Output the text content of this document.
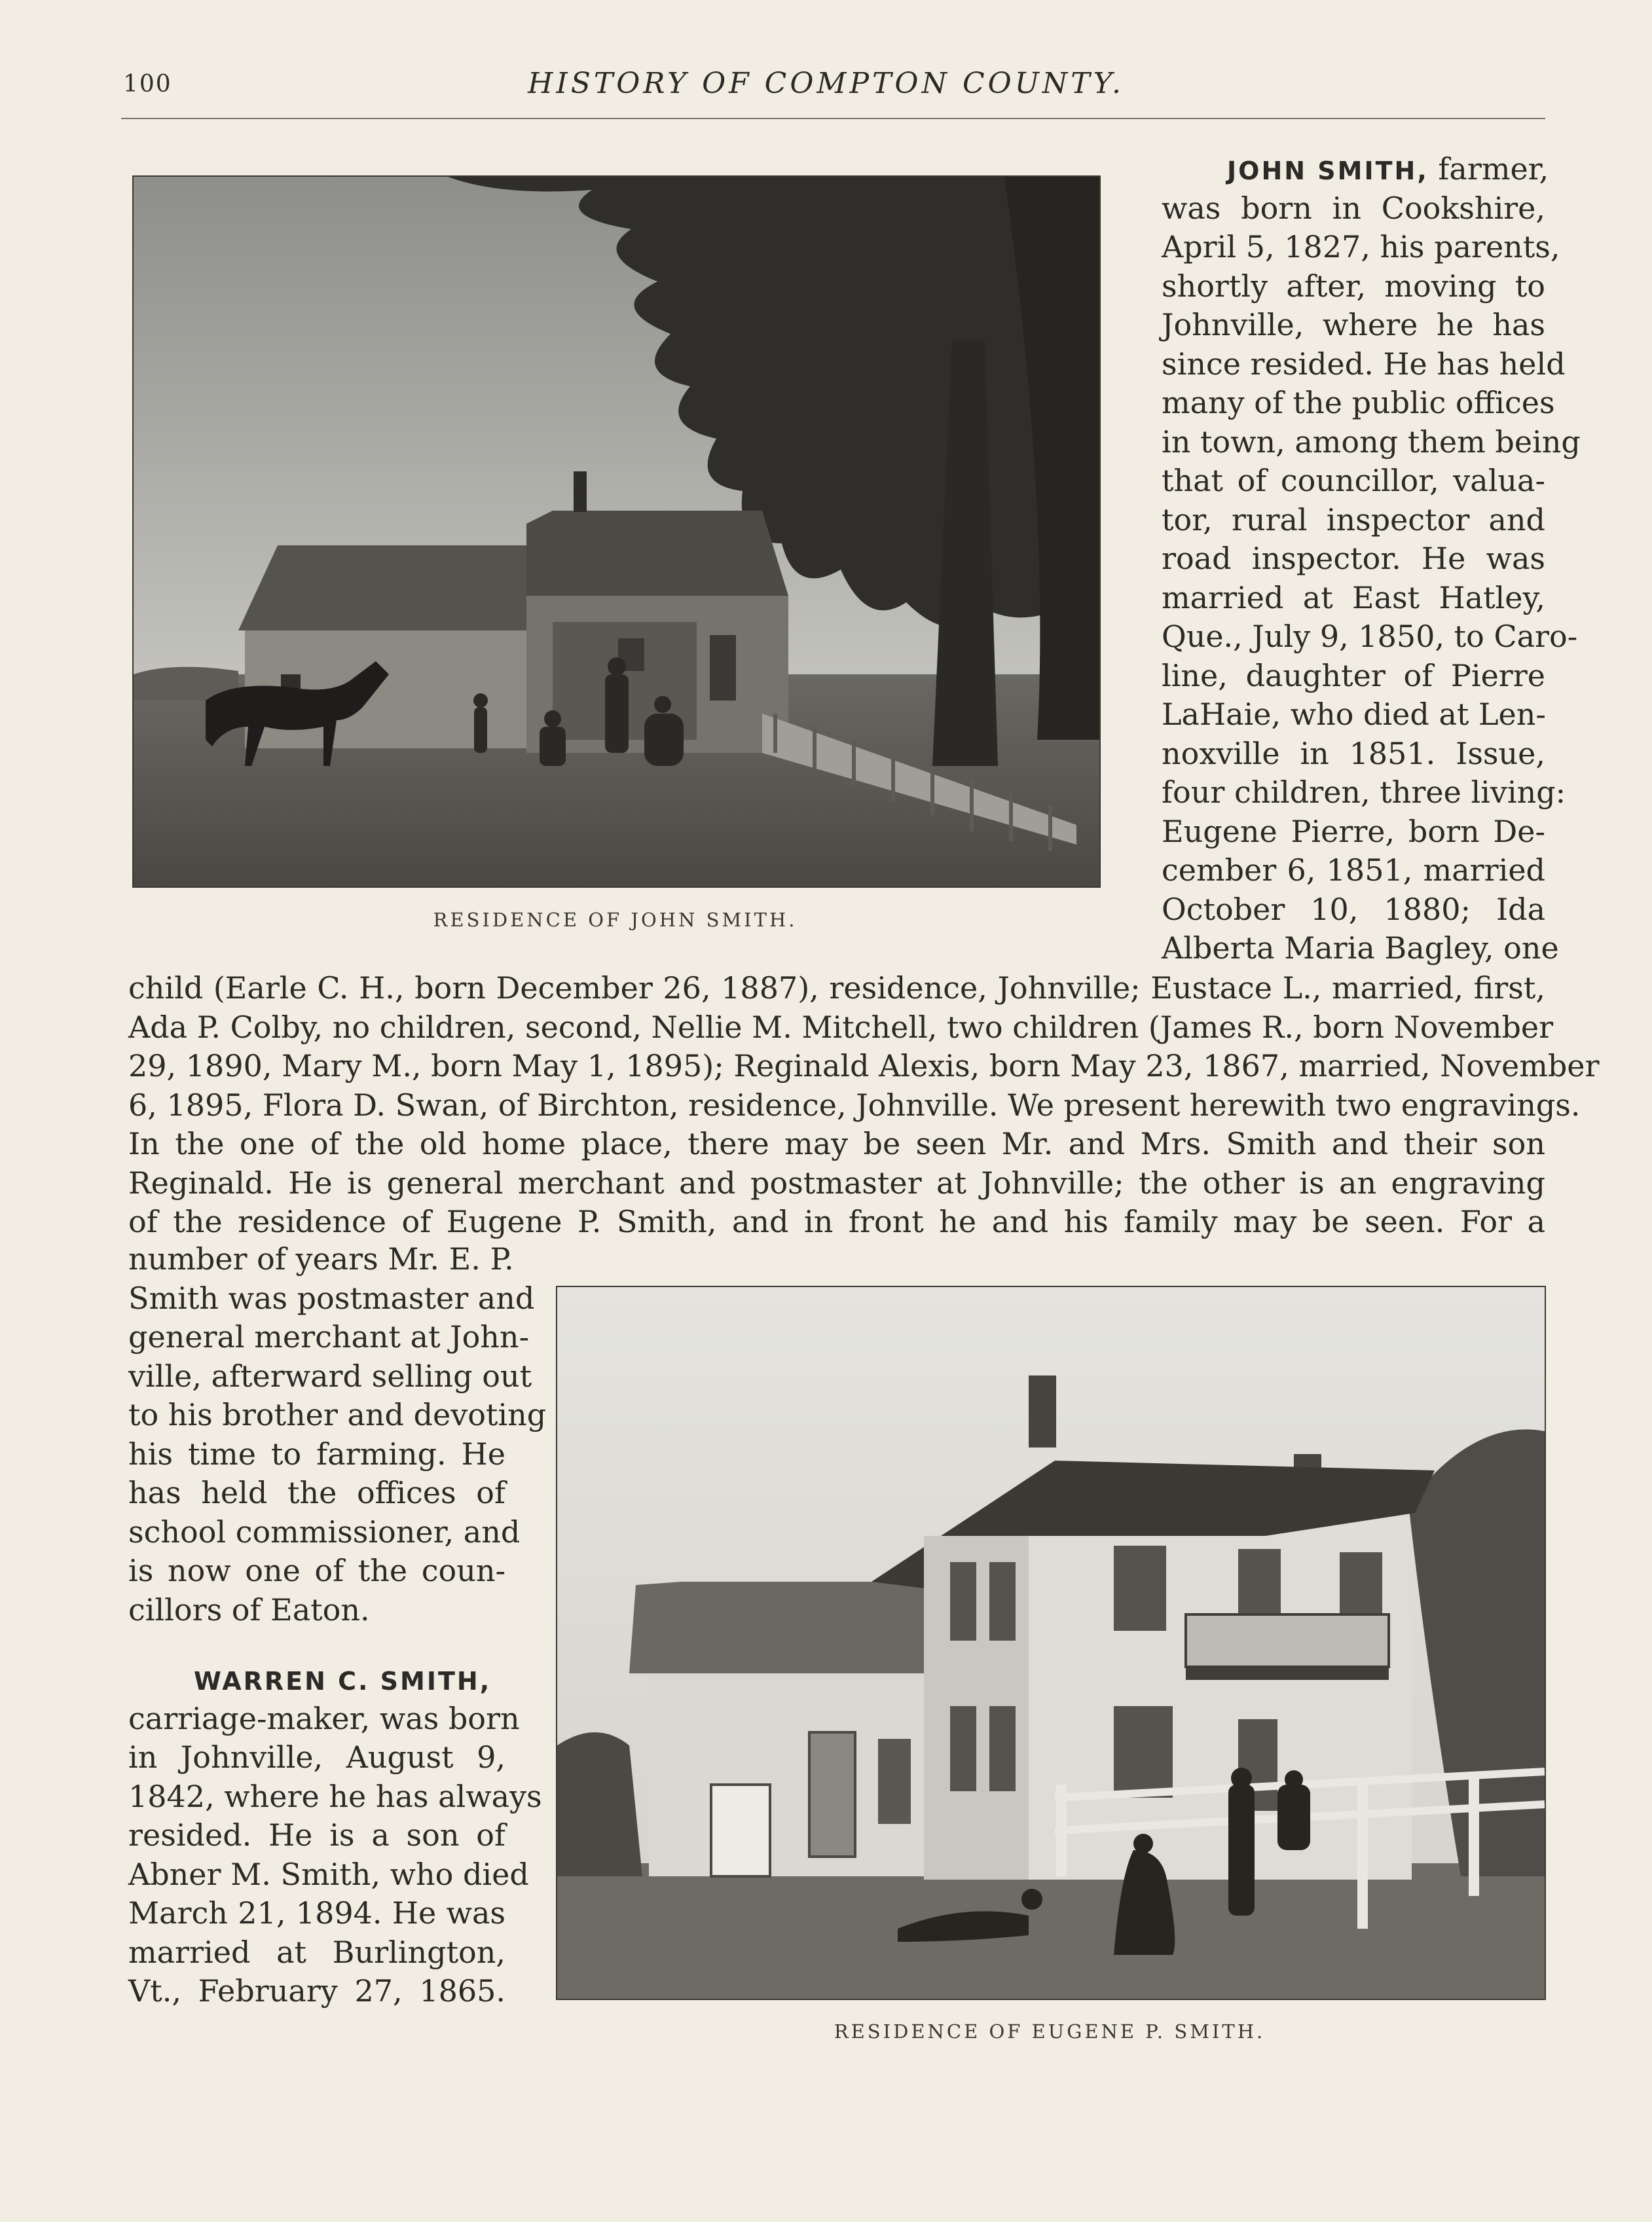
100	HISTORY OF COMPTON COUNTY.
RESIDENCE OF JOHN SMITH.
JOHN SMITH, farmer,
was born in Cookshire,
April 5, 1827, his parents,
shortly after, moving to
Johnville, where he has
since resided. He has held
many of the public offices
in town, among them being
that of councillor, valua-
tor, rural inspector and
road inspector. He was
married at East Hatley,
Que., July 9, 1850, to Caro-
line, daughter of Pierre
LaHaie, who died at Len-
noxville in 1851. Issue,
four children, three living:
Eugene Pierre, born De-
cember 6, 1851, married
October 10, 1880; Ida
Alberta Maria Bagley, one
child (Earle C. H., born December 26, 1887), residence, Johnville; Eustace L., married, first,
Ada P. Colby, no children, second, Nellie M. Mitchell, two children (James R., born November
29, 1890, Mary M., born May 1, 1895); Reginald Alexis, born May 23, 1867, married, November
6, 1895, Flora D. Swan, of Birchton, residence, Johnville. We present herewith two engravings.
In the one of the old home place, there may be seen Mr. and Mrs. Smith and their son
Reginald. He is general merchant and postmaster at Johnville; the other is an engraving
of the residence of Eugene P. Smith, and in front he and his family may be seen. For a
number of years Mr. E. P.
Smith was postmaster and
general merchant at John-
ville, afterward selling out
to his brother and devoting
his time to farming. He
has held the offices of
school commissioner, and
is now one of the coun-
cillors of Eaton.
WARREN C. SMITH,
carriage-maker, was born
in Johnville, August 9,
1842, where he has always
resided. He is a son of
Abner M. Smith, who died
March 21, 1894. He was
married at Burlington,
Vt., February 27, 1865.
RESIDENCE OF EUGENE P. SMITH.
